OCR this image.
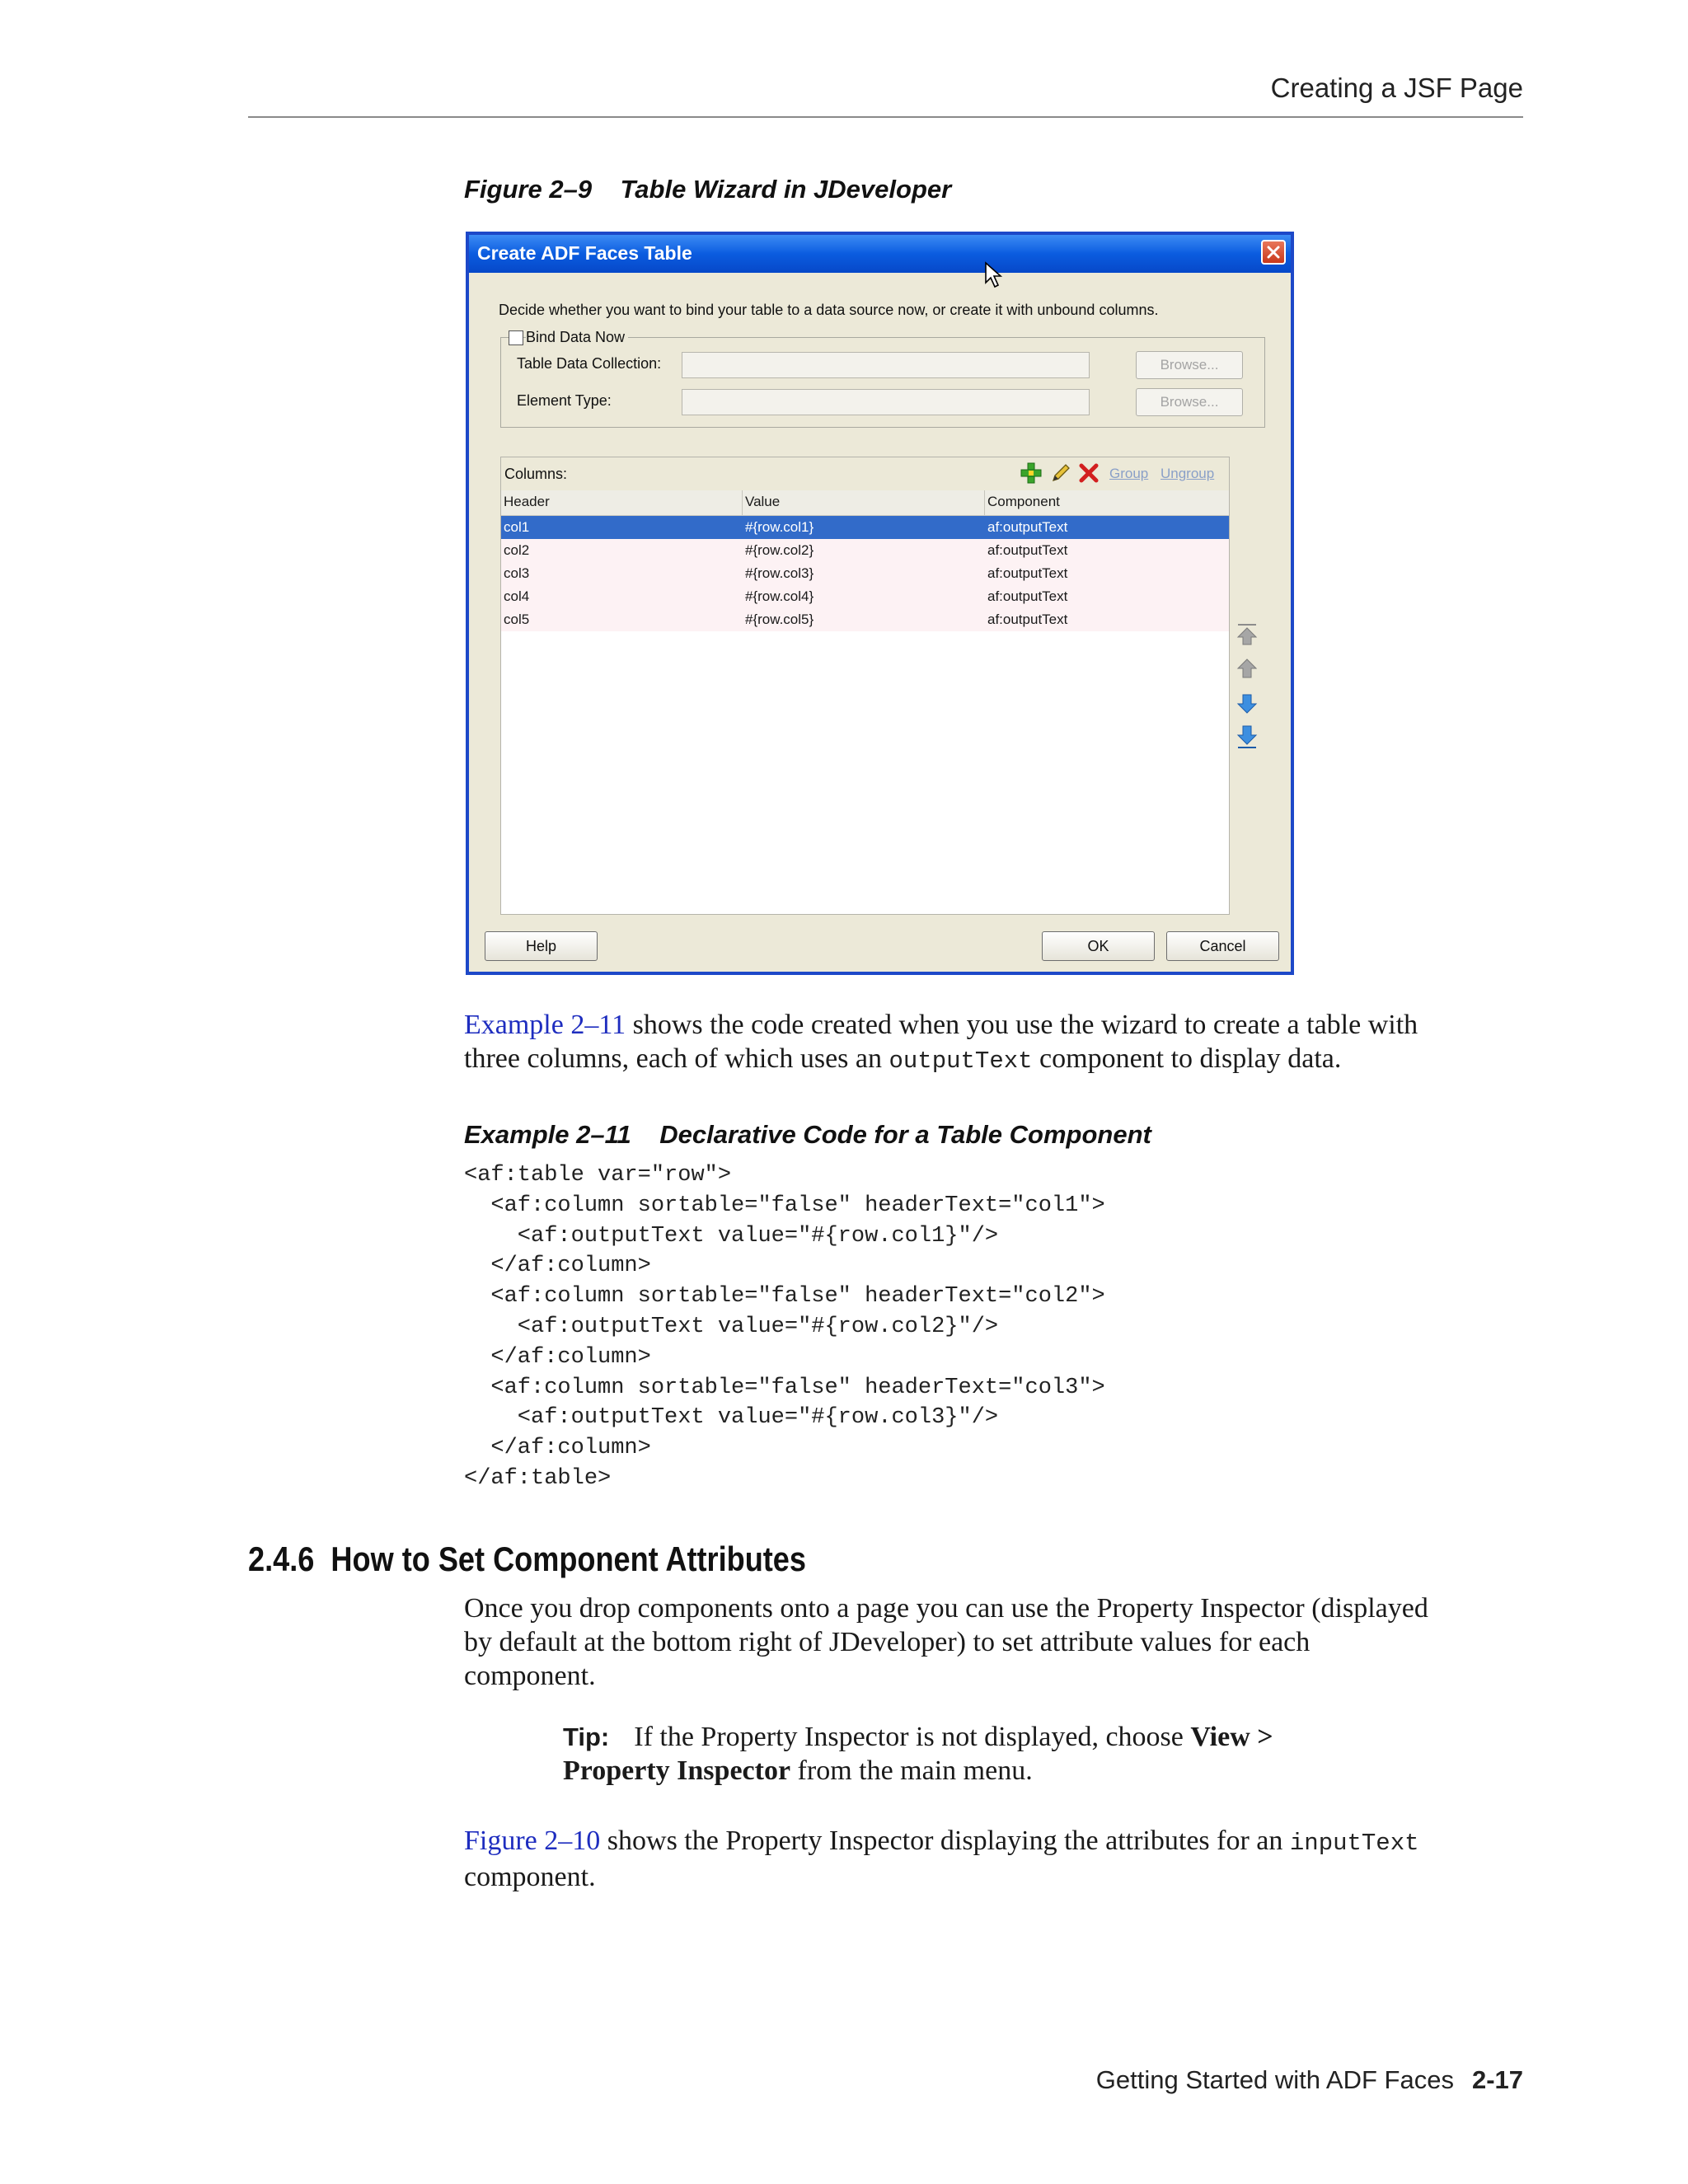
Creating a JSF Page
Figure 2–9 Table Wizard in JDeveloper
Create ADF Faces Table
Decide whether you want to bind your table to a data source now, or create it with unbound columns.
Bind Data Now
Table Data Collection:	Browse...
Element Type:	Browse...
Columns:	Group Ungroup
Header	Value	Component
col1	#{row.col1}	af:outputText
col2	#{row.col2}	af:outputText
col3	#{row.col3}	af:outputText
col4	#{row.col4}	af:outputText
col5	#{row.col5}	af:outputText
Help	OK	Cancel
Example 2–11 shows the code created when you use the wizard to create a table with
three columns, each of which uses an outputText component to display data.
Example 2–11 Declarative Code for a Table Component
<af:table var="row">
<af:column sortable="false" headerText="col1">
<af:outputText value="#{row.col1}"/>
</af:column>
<af:column sortable="false" headerText="col2">
<af:outputText value="#{row.col2}"/>
</af:column>
<af:column sortable="false" headerText="col3">
<af:outputText value="#{row.col3}"/>
</af:column>
</af:table>
2.4.6 How to Set Component Attributes
Once you drop components onto a page you can use the Property Inspector (displayed
by default at the bottom right of JDeveloper) to set attribute values for each
component.
Tip: If the Property Inspector is not displayed, choose View >
Property Inspector from the main menu.
Figure 2–10 shows the Property Inspector displaying the attributes for an inputText
component.
Getting Started with ADF Faces 2-17
